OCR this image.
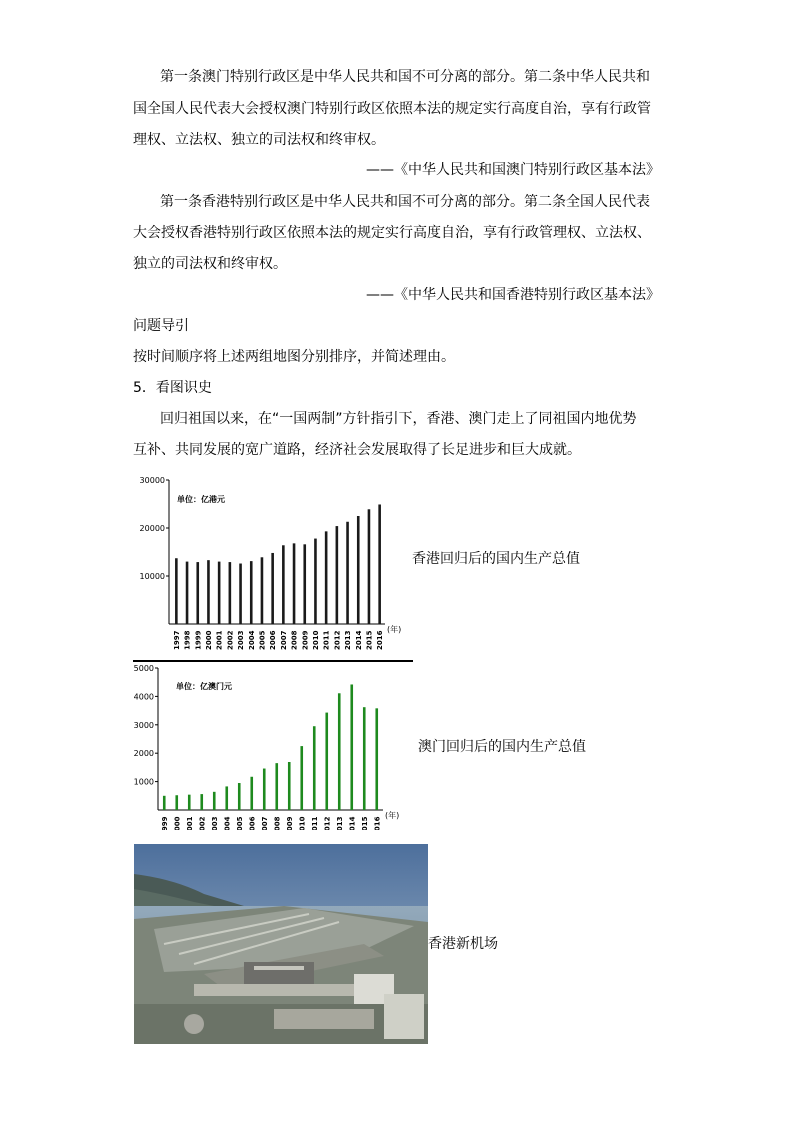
第一条澳门特别行政区是中华人民共和国不可分离的部分。第二条中华人民共和
国全国人民代表大会授权澳门特别行政区依照本法的规定实行高度自治，享有行政管
理权、立法权、独立的司法权和终审权。
——《中华人民共和国澳门特别行政区基本法》
第一条香港特别行政区是中华人民共和国不可分离的部分。第二条全国人民代表
大会授权香港特别行政区依照本法的规定实行高度自治，享有行政管理权、立法权、
独立的司法权和终审权。
——《中华人民共和国香港特别行政区基本法》
问题导引
按时间顺序将上述两组地图分别排序，并简述理由。
5．看图识史
回归祖国以来，在“一国两制”方针指引下，香港、澳门走上了同祖国内地优势
互补、共同发展的宽广道路，经济社会发展取得了长足进步和巨大成就。
10000
20000
30000
单位：亿港元
1997 1998 1999 2000 2001 2002 2003 2004 2005 2006 2007 2008 2009 2010 2011 2012 2013 2014 2015 2016
(年)
香港回归后的国内生产总值
1000
2000
3000
4000
5000
单位：亿澳门元
1999 2000 2001 2002 2003 2004 2005 2006 2007 2008 2009 2010 2011 2012 2013 2014 2015 2016
(年)
澳门回归后的国内生产总值
香港新机场
